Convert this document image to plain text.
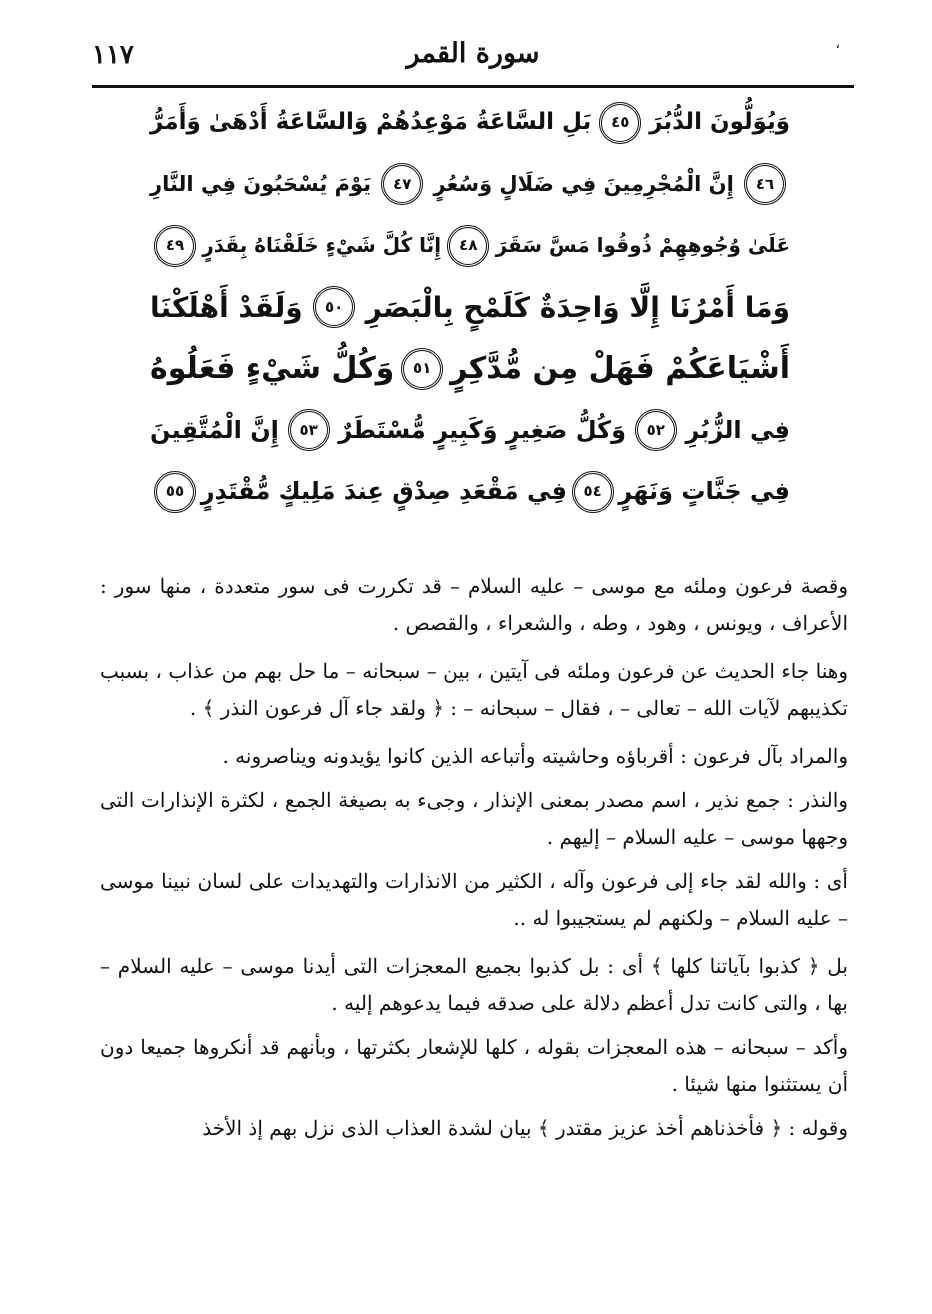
،
١١٧	سورة القمر
وَيُوَلُّونَ الدُّبُرَ
٤٥
بَلِ السَّاعَةُ مَوْعِدُهُمْ وَالسَّاعَةُ أَدْهَىٰ وَأَمَرُّ
٤٦
إِنَّ الْمُجْرِمِينَ فِي ضَلَالٍ وَسُعُرٍ
٤٧
يَوْمَ يُسْحَبُونَ فِي النَّارِ
عَلَىٰ وُجُوهِهِمْ ذُوقُوا مَسَّ سَقَرَ
٤٨
إِنَّا كُلَّ شَيْءٍ خَلَقْنَاهُ بِقَدَرٍ
٤٩
وَمَا أَمْرُنَا إِلَّا وَاحِدَةٌ كَلَمْحٍ بِالْبَصَرِ
٥٠
وَلَقَدْ أَهْلَكْنَا
أَشْيَاعَكُمْ فَهَلْ مِن مُّدَّكِرٍ
٥١
وَكُلُّ شَيْءٍ فَعَلُوهُ
فِي الزُّبُرِ
٥٢
وَكُلُّ صَغِيرٍ وَكَبِيرٍ مُّسْتَطَرٌ
٥٣
إِنَّ الْمُتَّقِينَ
فِي جَنَّاتٍ وَنَهَرٍ
٥٤
فِي مَقْعَدِ صِدْقٍ عِندَ مَلِيكٍ مُّقْتَدِرٍ
٥٥

وقصة فرعون وملئه مع موسى – عليه السلام – قد تكررت فى سور متعددة ، منها سور : الأعراف ، ويونس ، وهود ، وطه ، والشعراء ، والقصص .

وهنا جاء الحديث عن فرعون وملئه فى آيتين ، بين – سبحانه – ما حل بهم من عذاب ، بسبب تكذيبهم لآيات الله – تعالى – ، فقال – سبحانه – : ﴿ ولقد جاء آل فرعون النذر ﴾ .

والمراد بآل فرعون : أقرباؤه وحاشيته وأتباعه الذين كانوا يؤيدونه ويناصرونه .

والنذر : جمع نذير ، اسم مصدر بمعنى الإنذار ، وجىء به بصيغة الجمع ، لكثرة الإنذارات التى وجهها موسى – عليه السلام – إليهم .

أى : والله لقد جاء إلى فرعون وآله ، الكثير من الانذارات والتهديدات على لسان نبينا موسى – عليه السلام – ولكنهم لم يستجيبوا له ..

بل ﴿ كذبوا بآياتنا كلها ﴾ أى : بل كذبوا بجميع المعجزات التى أيدنا موسى – عليه السلام – بها ، والتى كانت تدل أعظم دلالة على صدقه فيما يدعوهم إليه .

وأكد – سبحانه – هذه المعجزات بقوله ، كلها للإشعار بكثرتها ، وبأنهم قد أنكروها جميعا دون أن يستثنوا منها شيئا .

وقوله : ﴿ فأخذناهم أخذ عزيز مقتدر ﴾ بيان لشدة العذاب الذى نزل بهم إذ الأخذ
